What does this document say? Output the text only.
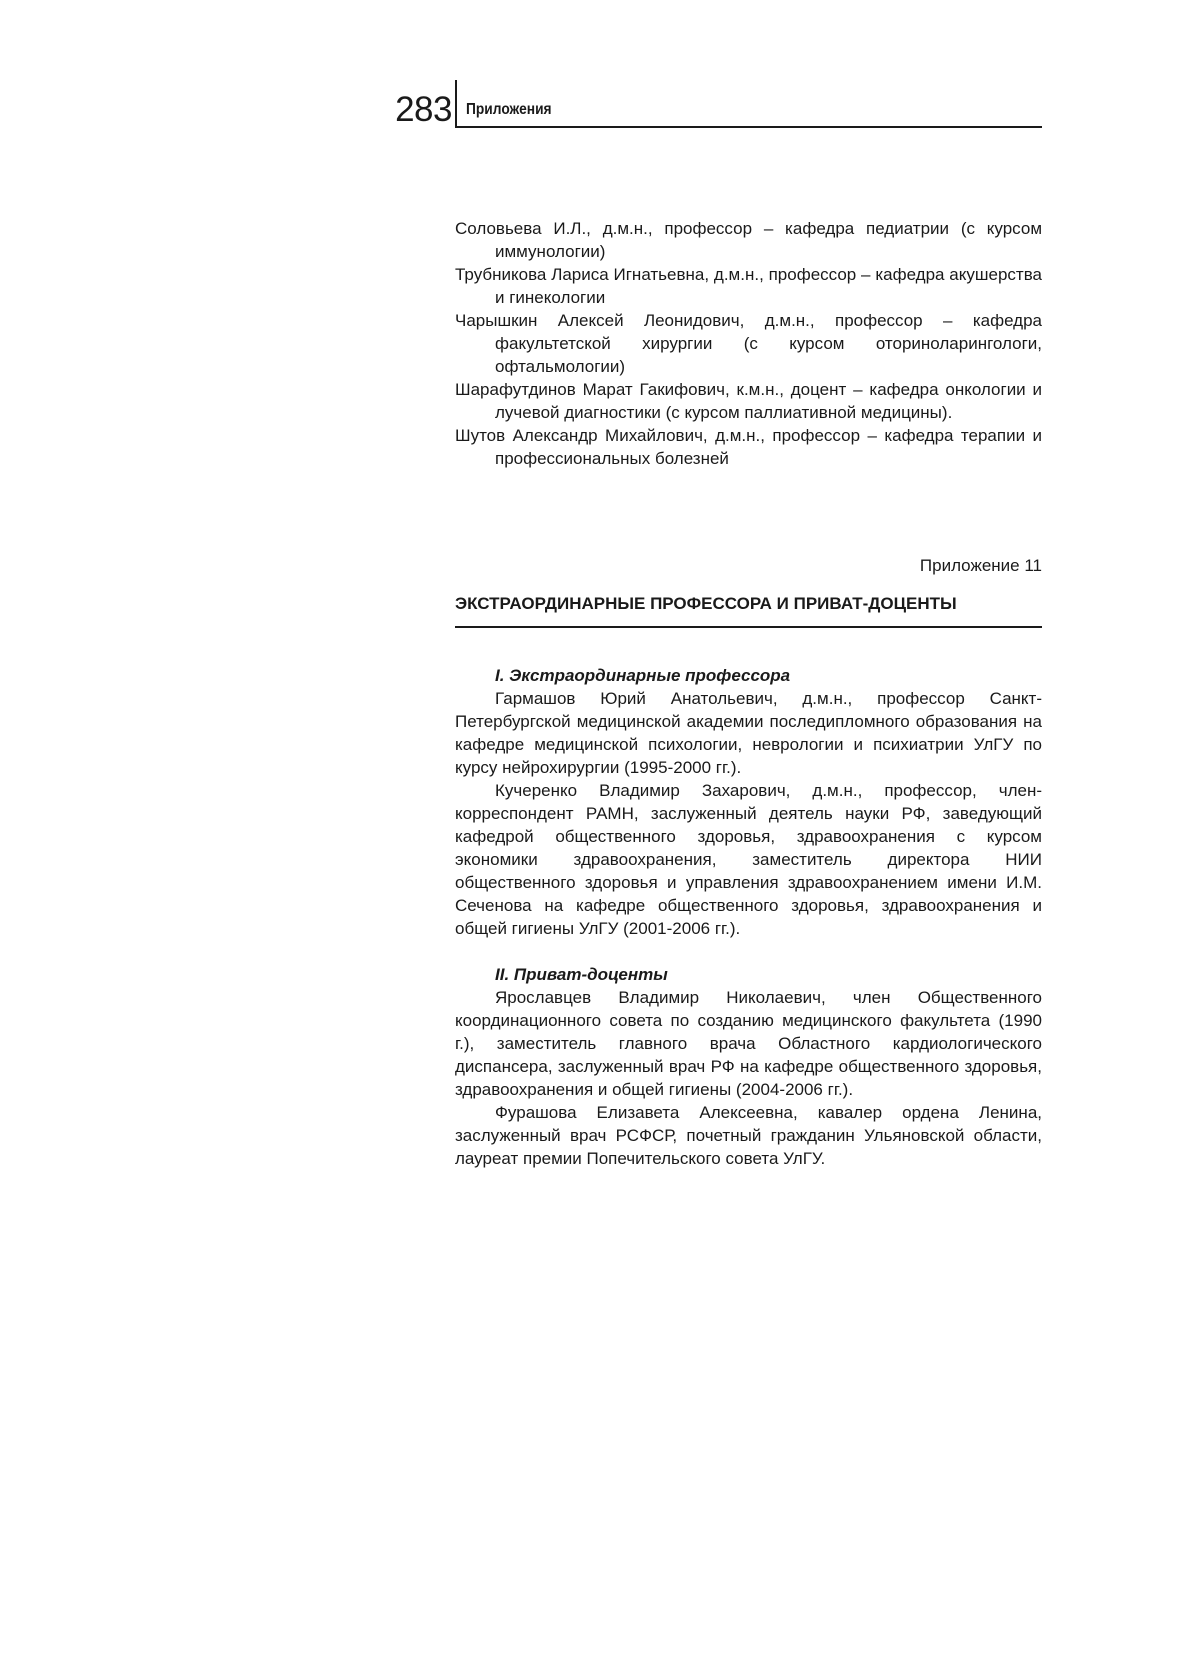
283 Приложения

Соловьева И.Л., д.м.н., профессор – кафедра педиатрии (с курсом иммунологии)

Трубникова Лариса Игнатьевна, д.м.н., профессор – кафедра акушерства и гинекологии

Чарышкин Алексей Леонидович, д.м.н., профессор – кафедра факультетской хирургии (с курсом оториноларингологи, офтальмологии)

Шарафутдинов Марат Гакифович, к.м.н., доцент – кафедра онкологии и лучевой диагностики (с курсом паллиативной медицины).

Шутов Александр Михайлович, д.м.н., профессор – кафедра терапии и профессиональных болезней

Приложение 11

ЭКСТРАОРДИНАРНЫЕ ПРОФЕССОРА И ПРИВАТ-ДОЦЕНТЫ

I. Экстраординарные профессора

Гармашов Юрий Анатольевич, д.м.н., профессор Санкт-Петербургской медицинской академии последипломного образования на кафедре медицинской психологии, неврологии и психиатрии УлГУ по курсу нейрохирургии (1995-2000 гг.).

Кучеренко Владимир Захарович, д.м.н., профессор, член-корреспондент РАМН, заслуженный деятель науки РФ, заведующий кафедрой общественного здоровья, здравоохранения с курсом экономики здравоохранения, заместитель директора НИИ общественного здоровья и управления здравоохранением имени И.М. Сеченова на кафедре общественного здоровья, здравоохранения и общей гигиены УлГУ (2001-2006 гг.).

II. Приват-доценты

Ярославцев Владимир Николаевич, член Общественного координационного совета по созданию медицинского факультета (1990 г.), заместитель главного врача Областного кардиологического диспансера, заслуженный врач РФ на кафедре общественного здоровья, здравоохранения и общей гигиены (2004-2006 гг.).

Фурашова Елизавета Алексеевна, кавалер ордена Ленина, заслуженный врач РСФСР, почетный гражданин Ульяновской области, лауреат премии Попечительского совета УлГУ.
